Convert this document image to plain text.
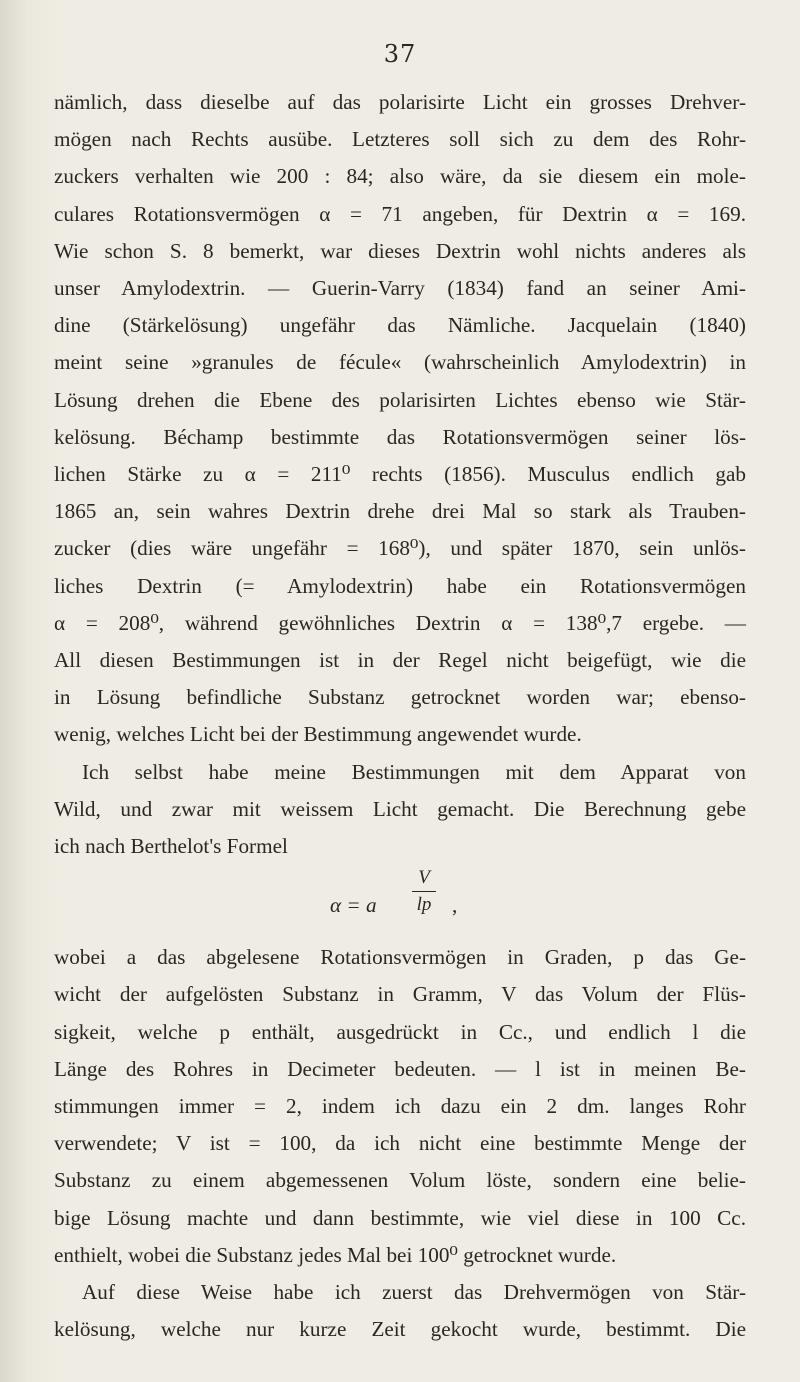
37
nämlich, dass dieselbe auf das polarisirte Licht ein grosses Drehver-
mögen nach Rechts ausübe. Letzteres soll sich zu dem des Rohr-
zuckers verhalten wie 200 : 84; also wäre, da sie diesem ein mole-
culares Rotationsvermögen α = 71 angeben, für Dextrin α = 169.
Wie schon S. 8 bemerkt, war dieses Dextrin wohl nichts anderes als
unser Amylodextrin. — Guerin-Varry (1834) fand an seiner Ami-
dine (Stärkelösung) ungefähr das Nämliche. Jacquelain (1840)
meint seine »granules de fécule« (wahrscheinlich Amylodextrin) in
Lösung drehen die Ebene des polarisirten Lichtes ebenso wie Stär-
kelösung. Béchamp bestimmte das Rotationsvermögen seiner lös-
lichen Stärke zu α = 211⁰ rechts (1856). Musculus endlich gab
1865 an, sein wahres Dextrin drehe drei Mal so stark als Trauben-
zucker (dies wäre ungefähr = 168⁰), und später 1870, sein unlös-
liches Dextrin (= Amylodextrin) habe ein Rotationsvermögen
α = 208⁰, während gewöhnliches Dextrin α = 138⁰,7 ergebe. —
All diesen Bestimmungen ist in der Regel nicht beigefügt, wie die
in Lösung befindliche Substanz getrocknet worden war; ebenso-
wenig, welches Licht bei der Bestimmung angewendet wurde.
Ich selbst habe meine Bestimmungen mit dem Apparat von
Wild, und zwar mit weissem Licht gemacht. Die Berechnung gebe
ich nach Berthelot's Formel
α = a
V
lp ,
wobei a das abgelesene Rotationsvermögen in Graden, p das Ge-
wicht der aufgelösten Substanz in Gramm, V das Volum der Flüs-
sigkeit, welche p enthält, ausgedrückt in Cc., und endlich l die
Länge des Rohres in Decimeter bedeuten. — l ist in meinen Be-
stimmungen immer = 2, indem ich dazu ein 2 dm. langes Rohr
verwendete; V ist = 100, da ich nicht eine bestimmte Menge der
Substanz zu einem abgemessenen Volum löste, sondern eine belie-
bige Lösung machte und dann bestimmte, wie viel diese in 100 Cc.
enthielt, wobei die Substanz jedes Mal bei 100⁰ getrocknet wurde.
Auf diese Weise habe ich zuerst das Drehvermögen von Stär-
kelösung, welche nur kurze Zeit gekocht wurde, bestimmt. Die
